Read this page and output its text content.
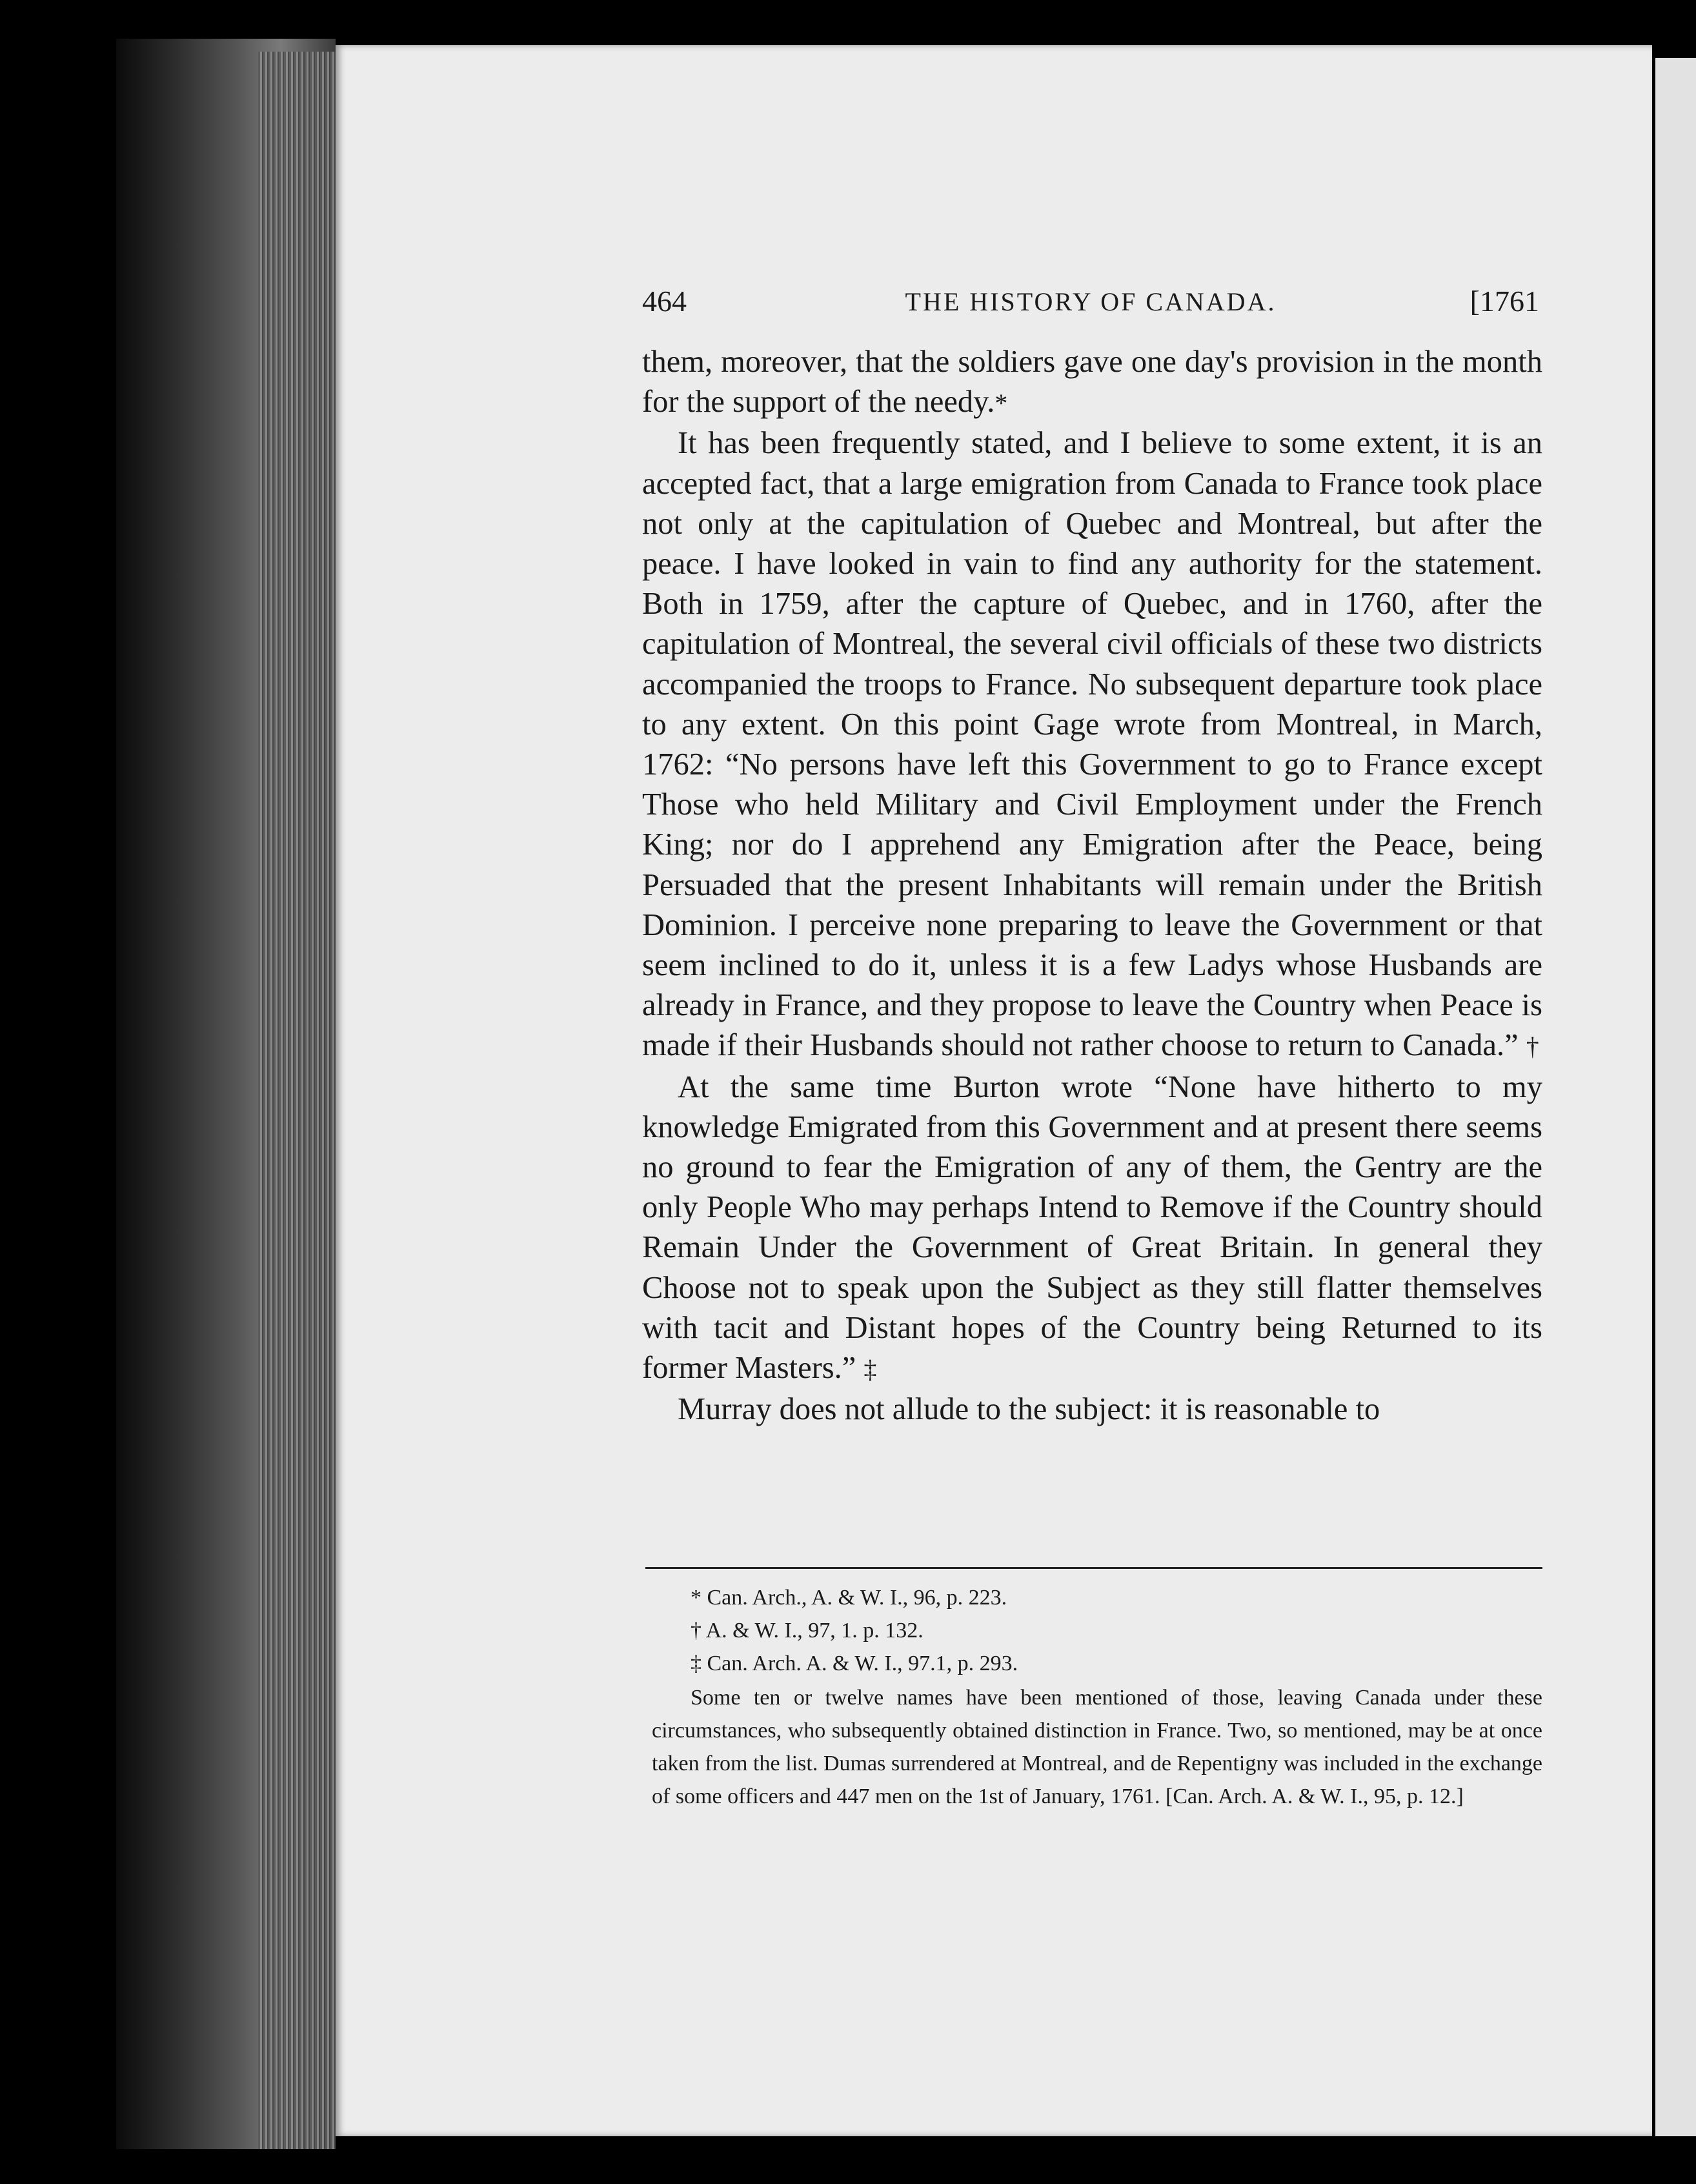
464	THE HISTORY OF CANADA.	[1761

them, moreover, that the soldiers gave one day's provision in the month for the support of the needy.*

It has been frequently stated, and I believe to some extent, it is an accepted fact, that a large emigration from Canada to France took place not only at the capitulation of Quebec and Montreal, but after the peace. I have looked in vain to find any authority for the statement. Both in 1759, after the capture of Quebec, and in 1760, after the capitulation of Montreal, the several civil officials of these two districts accompanied the troops to France. No subsequent departure took place to any extent. On this point Gage wrote from Montreal, in March, 1762: “No persons have left this Government to go to France except Those who held Military and Civil Employment under the French King; nor do I apprehend any Emigration after the Peace, being Persuaded that the present Inhabitants will remain under the British Dominion. I perceive none preparing to leave the Government or that seem inclined to do it, unless it is a few Ladys whose Husbands are already in France, and they propose to leave the Country when Peace is made if their Husbands should not rather choose to return to Canada.” †

At the same time Burton wrote “None have hitherto to my knowledge Emigrated from this Government and at present there seems no ground to fear the Emigration of any of them, the Gentry are the only People Who may perhaps Intend to Remove if the Country should Remain Under the Government of Great Britain. In general they Choose not to speak upon the Subject as they still flatter themselves with tacit and Distant hopes of the Country being Returned to its former Masters.” ‡

Murray does not allude to the subject: it is reasonable to

* Can. Arch., A. & W. I., 96, p. 223.
† A. & W. I., 97, 1. p. 132.
‡ Can. Arch. A. & W. I., 97.1, p. 293.
Some ten or twelve names have been mentioned of those, leaving Canada under these circumstances, who subsequently obtained distinction in France. Two, so mentioned, may be at once taken from the list. Dumas surrendered at Montreal, and de Repentigny was included in the exchange of some officers and 447 men on the 1st of January, 1761. [Can. Arch. A. & W. I., 95, p. 12.]
